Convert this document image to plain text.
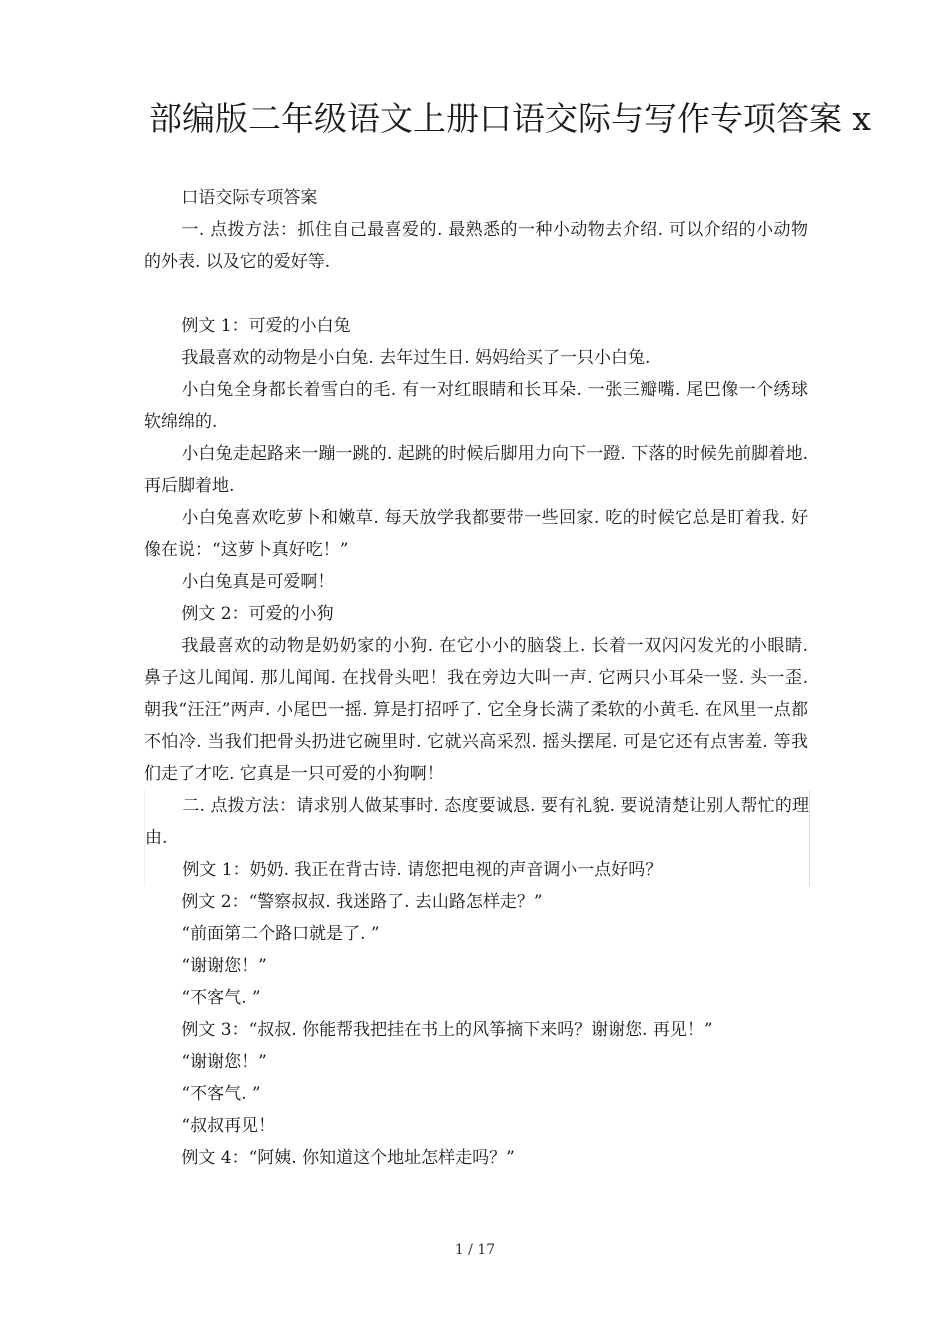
部编版二年级语文上册口语交际与写作专项答案 x

口语交际专项答案

一. 点拨方法：抓住自己最喜爱的. 最熟悉的一种小动物去介绍. 可以介绍的小动物的外表. 以及它的爱好等.

例文 1：可爱的小白兔

我最喜欢的动物是小白兔. 去年过生日. 妈妈给买了一只小白兔.

小白兔全身都长着雪白的毛. 有一对红眼睛和长耳朵. 一张三瓣嘴. 尾巴像一个绣球软绵绵的.

小白兔走起路来一蹦一跳的. 起跳的时候后脚用力向下一蹬. 下落的时候先前脚着地. 再后脚着地.

小白兔喜欢吃萝卜和嫩草. 每天放学我都要带一些回家. 吃的时候它总是盯着我. 好像在说：“这萝卜真好吃！”

小白兔真是可爱啊！

例文 2：可爱的小狗

我最喜欢的动物是奶奶家的小狗. 在它小小的脑袋上. 长着一双闪闪发光的小眼睛. 鼻子这儿闻闻. 那儿闻闻. 在找骨头吧！我在旁边大叫一声. 它两只小耳朵一竖. 头一歪. 朝我“汪汪”两声. 小尾巴一摇. 算是打招呼了. 它全身长满了柔软的小黄毛. 在风里一点都不怕冷. 当我们把骨头扔进它碗里时. 它就兴高采烈. 摇头摆尾. 可是它还有点害羞. 等我们走了才吃. 它真是一只可爱的小狗啊！

二. 点拨方法：请求别人做某事时. 态度要诚恳. 要有礼貌. 要说清楚让别人帮忙的理由.

例文 1：奶奶. 我正在背古诗. 请您把电视的声音调小一点好吗？

例文 2：“警察叔叔. 我迷路了. 去山路怎样走？”

“前面第二个路口就是了. ”

“谢谢您！”

“不客气. ”

例文 3：“叔叔. 你能帮我把挂在书上的风筝摘下来吗？谢谢您. 再见！”

“谢谢您！”

“不客气. ”

“叔叔再见！

例文 4：“阿姨. 你知道这个地址怎样走吗？”

1 / 17
